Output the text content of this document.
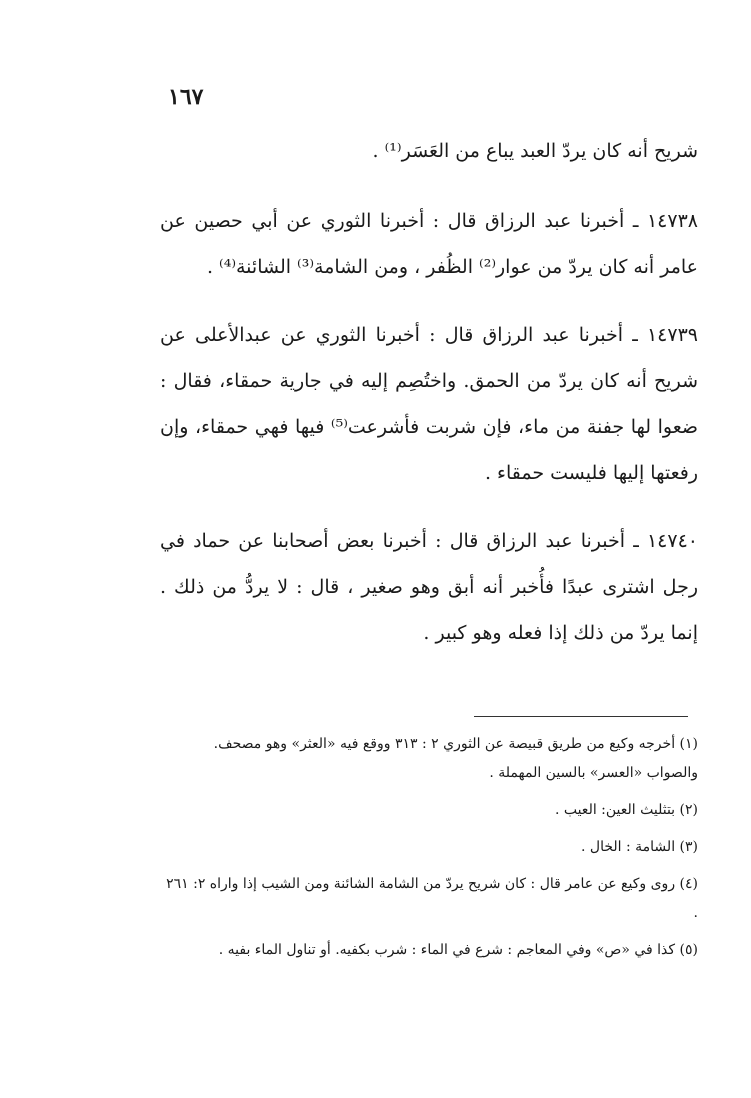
١٦٧

شريح أنه كان يردّ العبد يباع من العَسَر⁽¹⁾ .

١٤٧٣٨ ـ أخبرنا عبد الرزاق قال : أخبرنا الثوري عن أبي حصين عن عامر أنه كان يردّ من عوار⁽²⁾ الظُفر ، ومن الشامة⁽³⁾ الشائنة⁽⁴⁾ .

١٤٧٣٩ ـ أخبرنا عبد الرزاق قال : أخبرنا الثوري عن عبدالأعلى عن شريح أنه كان يردّ من الحمق. واختُصِم إليه في جارية حمقاء، فقال : ضعوا لها جفنة من ماء، فإن شربت فأشرعت⁽⁵⁾ فيها فهي حمقاء، وإن رفعتها إليها فليست حمقاء .

١٤٧٤٠ ـ أخبرنا عبد الرزاق قال : أخبرنا بعض أصحابنا عن حماد في رجل اشترى عبدًا فأُخبر أنه أبق وهو صغير ، قال : لا يردُّ من ذلك . إنما يردّ من ذلك إذا فعله وهو كبير .

(١) أخرجه وكيع من طريق قبيصة عن الثوري ٢ : ٣١٣ ووقع فيه «العثر» وهو مصحف. والصواب «العسر» بالسين المهملة .

(٢) بتثليث العين: العيب .

(٣) الشامة : الخال .

(٤) روى وكيع عن عامر قال : كان شريح يردّ من الشامة الشائنة ومن الشيب إذا واراه ٢: ٢٦١ .

(٥) كذا في «ص» وفي المعاجم : شرع في الماء : شرب بكفيه. أو تناول الماء بفيه .
